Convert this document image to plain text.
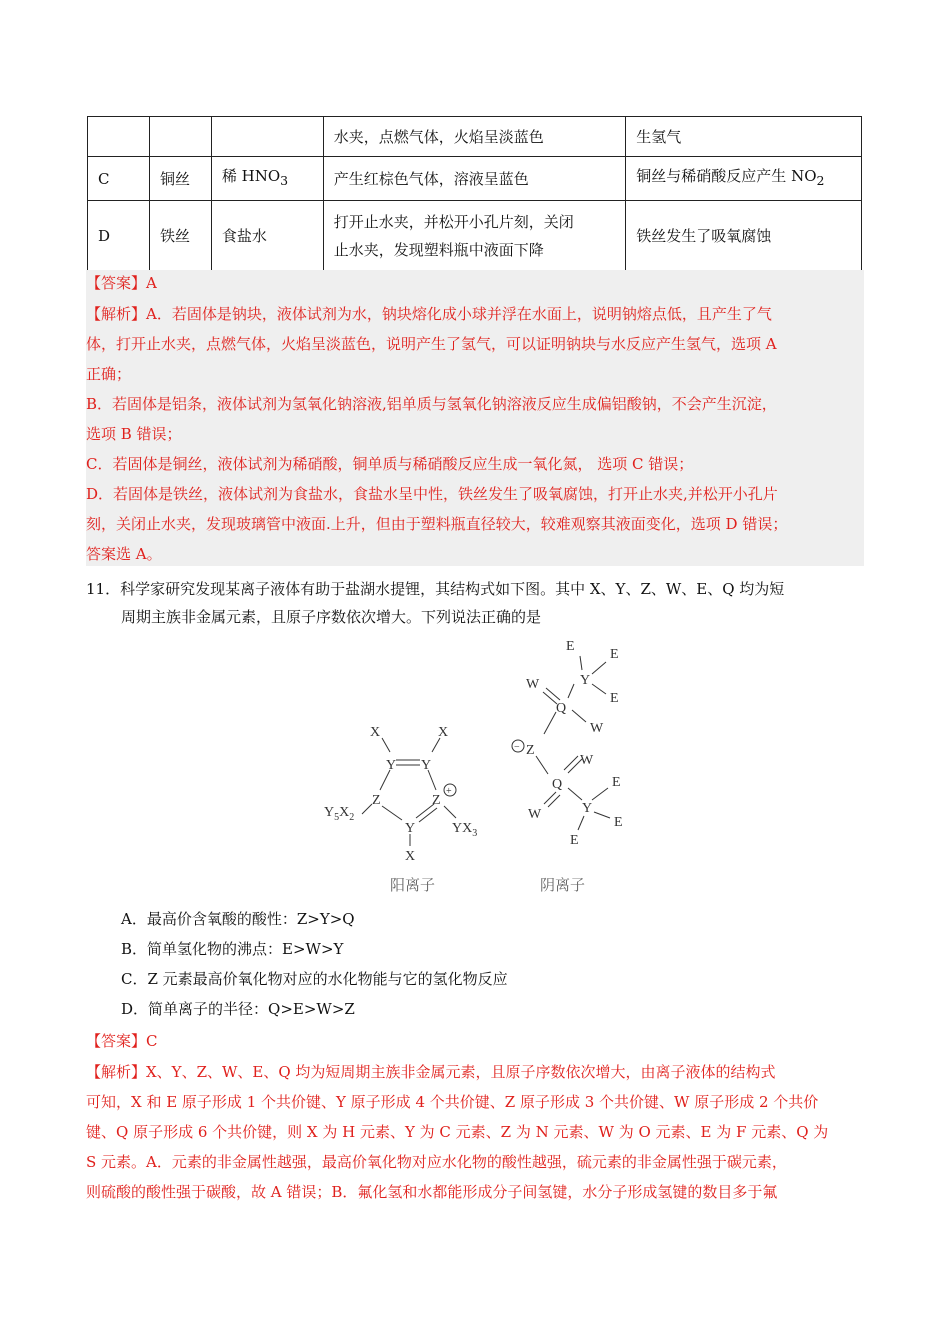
			水夹，点燃气体，火焰呈淡蓝色	生氢气
C	铜丝	稀 $HNO_3$	产生红棕色气体，溶液呈蓝色	铜丝与稀硝酸反应产生 $NO_2$
D	铁丝	食盐水	打开止水夹，并松开小孔片刻，关闭
止水夹，发现塑料瓶中液面下降	铁丝发生了吸氧腐蚀
【答案】A
【解析】A．若固体是钠块，液体试剂为水，钠块熔化成小球并浮在水面上，说明钠熔点低，且产生了气
体，打开止水夹，点燃气体，火焰呈淡蓝色，说明产生了氢气，可以证明钠块与水反应产生氢气，选项 A
正确；
B．若固体是铝条，液体试剂为氢氧化钠溶液,铝单质与氢氧化钠溶液反应生成偏铝酸钠，不会产生沉淀，
选项 B 错误；
C．若固体是铜丝，液体试剂为稀硝酸，铜单质与稀硝酸反应生成一氧化氮， 选项 C 错误；
D．若固体是铁丝，液体试剂为食盐水，食盐水呈中性，铁丝发生了吸氧腐蚀，打开止水夹,并松开小孔片
刻，关闭止水夹，发现玻璃管中液面.上升，但由于塑料瓶直径较大，较难观察其液面变化，选项 D 错误；
答案选 A。
11．科学家研究发现某离子液体有助于盐湖水提锂，其结构式如下图。其中 X、Y、Z、W、E、Q 均为短
周期主族非金属元素，且原子序数依次增大。下列说法正确的是
X	X
Y Y
Z	Z
Y
X
$Y_5X_2$
$YX_3$
+
E
E
E
Y
W
Q
W
Z
W
Q
W	Y
E
E
E
−
阳离子	阴离子
A．最高价含氧酸的酸性：Z>Y>Q
B．简单氢化物的沸点：E>W>Y
C．Z 元素最高价氧化物对应的水化物能与它的氢化物反应
D．简单离子的半径：Q>E>W>Z
【答案】C
【解析】X、Y、Z、W、E、Q 均为短周期主族非金属元素，且原子序数依次增大，由离子液体的结构式
可知，X 和 E 原子形成 1 个共价键、Y 原子形成 4 个共价键、Z 原子形成 3 个共价键、W 原子形成 2 个共价
键、Q 原子形成 6 个共价键，则 X 为 H 元素、Y 为 C 元素、Z 为 N 元素、W 为 O 元素、E 为 F 元素、Q 为
S 元素。A．元素的非金属性越强，最高价氧化物对应水化物的酸性越强，硫元素的非金属性强于碳元素，
则硫酸的酸性强于碳酸，故 A 错误；B．氟化氢和水都能形成分子间氢键，水分子形成氢键的数目多于氟
